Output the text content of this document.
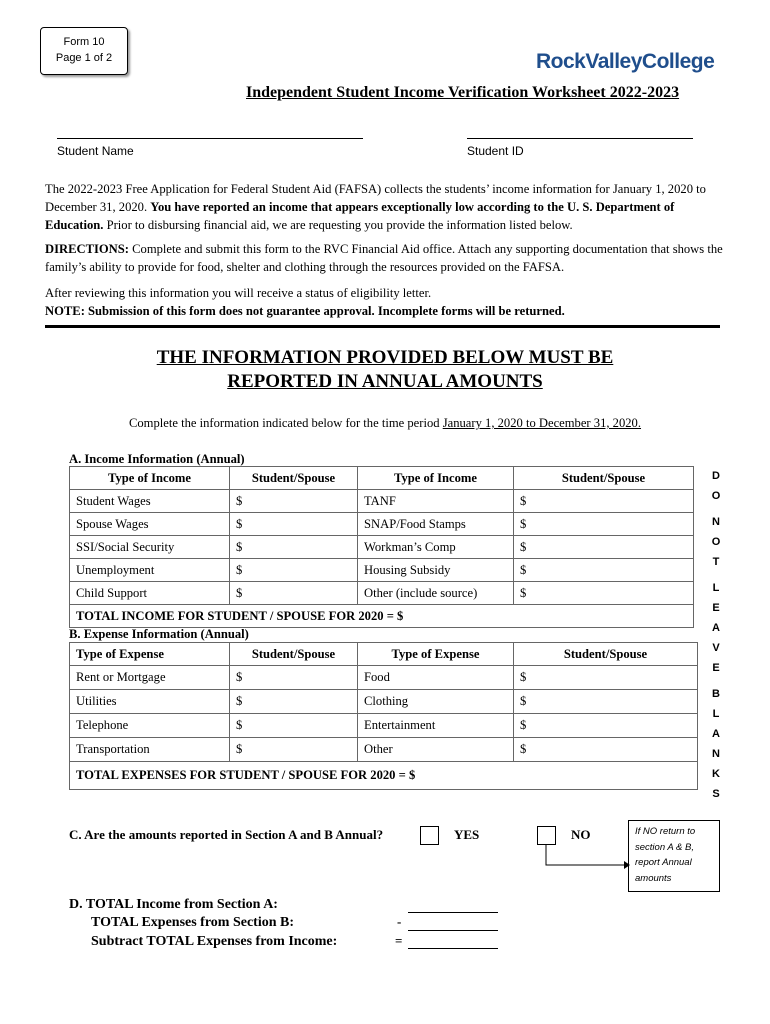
Form 10
Page 1 of 2	RockValleyCollege
Independent Student Income Verification Worksheet 2022-2023
Student Name	Student ID
The 2022-2023 Free Application for Federal Student Aid (FAFSA) collects the students’ income information for January 1, 2020 to December 31, 2020. You have reported an income that appears exceptionally low according to the U. S. Department of Education. Prior to disbursing financial aid, we are requesting you provide the information listed below.
DIRECTIONS: Complete and submit this form to the RVC Financial Aid office. Attach any supporting documentation that shows the family’s ability to provide for food, shelter and clothing through the resources provided on the FAFSA.
After reviewing this information you will receive a status of eligibility letter.
NOTE: Submission of this form does not guarantee approval. Incomplete forms will be returned.
THE INFORMATION PROVIDED BELOW MUST BE
REPORTED IN ANNUAL AMOUNTS
Complete the information indicated below for the time period January 1, 2020 to December 31, 2020.
A. Income Information (Annual)
Type of Income	Student/Spouse	Type of Income	Student/Spouse
Student Wages	$	TANF	$
Spouse Wages	$	SNAP/Food Stamps	$
SSI/Social Security	$	Workman’s Comp	$
Unemployment	$	Housing Subsidy	$
Child Support	$	Other (include source)	$
TOTAL INCOME FOR STUDENT / SPOUSE FOR 2020 = $			
B. Expense Information (Annual)
Type of Expense	Student/Spouse	Type of Expense	Student/Spouse
Rent or Mortgage	$	Food	$
Utilities	$	Clothing	$
Telephone	$	Entertainment	$
Transportation	$	Other	$
TOTAL EXPENSES FOR STUDENT / SPOUSE FOR 2020 = $			
D
O
N
O
T
L
E
A
V
E
B
L
A
N
K
S
C. Are the amounts reported in Section A and B Annual?	YES	NO	If NO return to
section A & B,
report Annual
amounts
D. TOTAL Income from Section A:
TOTAL Expenses from Section B:
Subtract TOTAL Expenses from Income:
-
=
